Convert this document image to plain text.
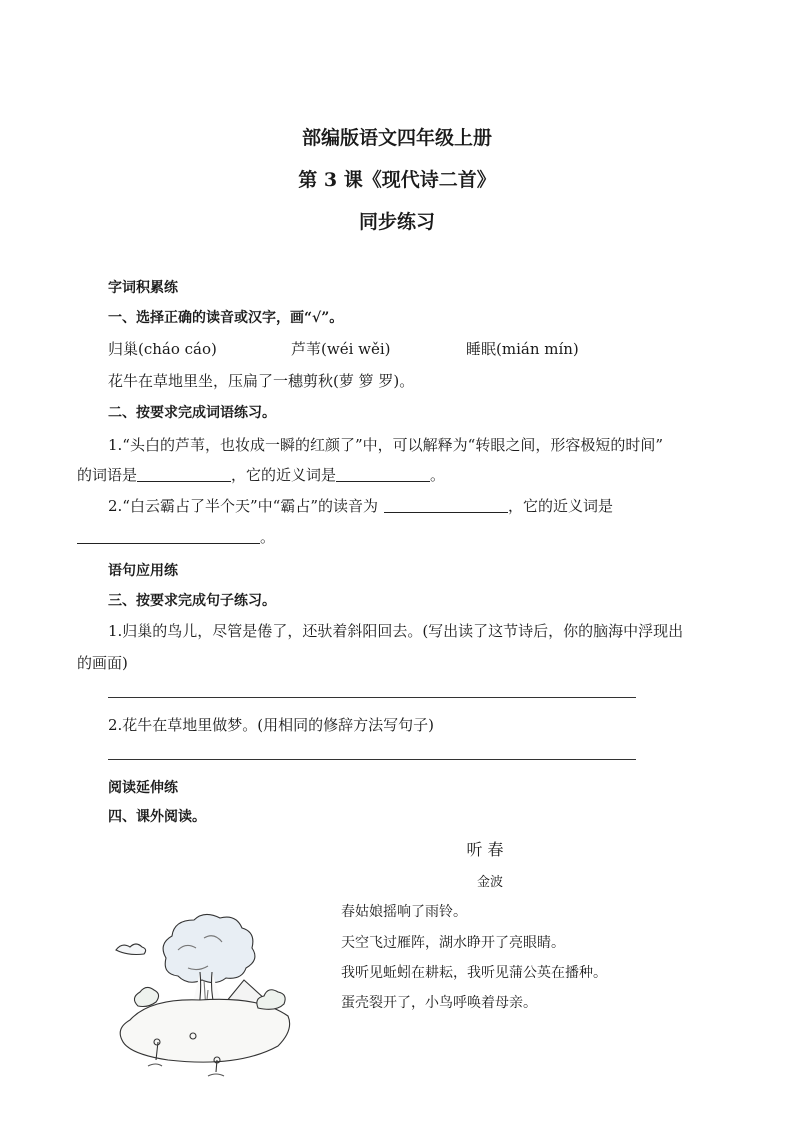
部编版语文四年级上册
第 3 课《现代诗二首》
同步练习
字词积累练
一、选择正确的读音或汉字，画“√”。
归巢(cháo cáo)	芦苇(wéi wěi)	睡眠(mián mín)
花牛在草地里坐，压扁了一穗剪秋(萝 箩 罗)。
二、按要求完成词语练习。
1.“头白的芦苇，也妆成一瞬的红颜了”中，可以解释为“转眼之间，形容极短的时间”
的词语是	，它的近义词是	。
2.“白云霸占了半个天”中“霸占”的读音为	，它的近义词是
。
语句应用练
三、按要求完成句子练习。
1.归巢的鸟儿，尽管是倦了，还驮着斜阳回去。(写出读了这节诗后，你的脑海中浮现出
的画面)
2.花牛在草地里做梦。(用相同的修辞方法写句子)
阅读延伸练
四、课外阅读。
听 春
金波
春姑娘摇响了雨铃。
天空飞过雁阵，湖水睁开了亮眼睛。
我听见蚯蚓在耕耘，我听见蒲公英在播种。
蛋壳裂开了，小鸟呼唤着母亲。
